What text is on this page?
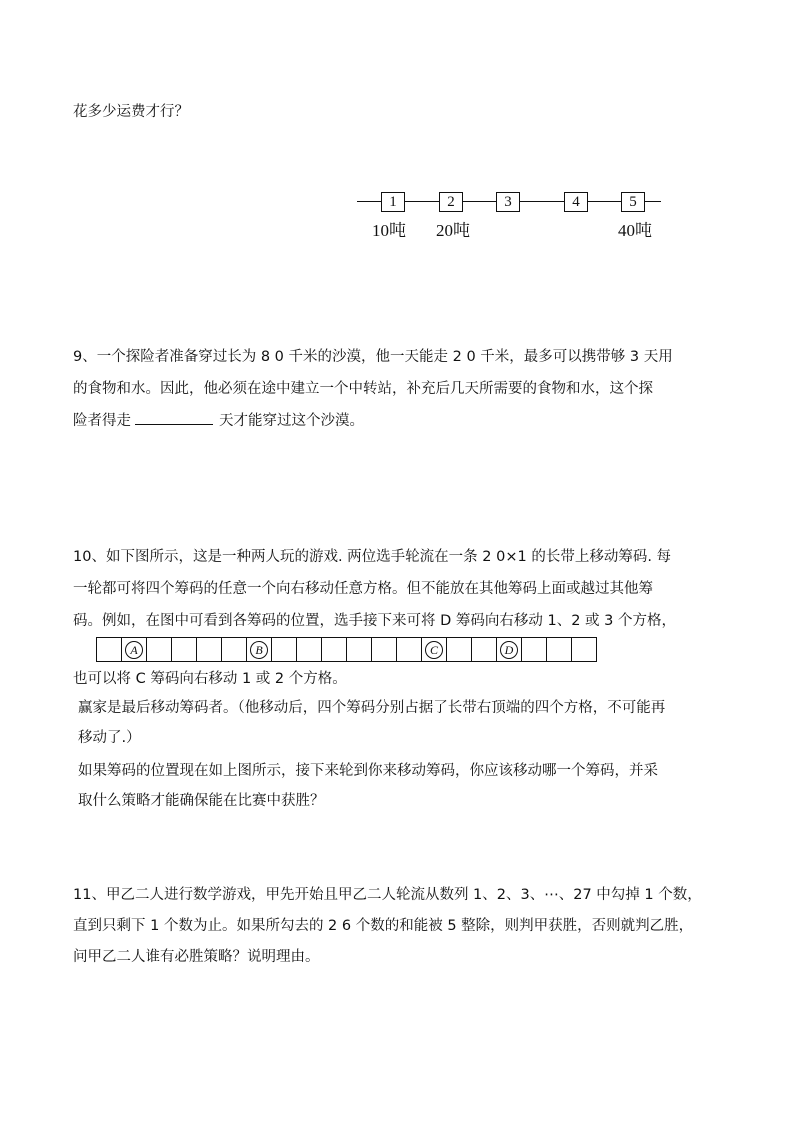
花多少运费才行？
1	2	3	4	5
10吨 20吨	40吨
9、一个探险者准备穿过长为 8 0 千米的沙漠，他一天能走 2 0 千米，最多可以携带够 3 天用
的食物和水。因此，他必须在途中建立一个中转站，补充后几天所需要的食物和水，这个探
险者得走	天才能穿过这个沙漠。
10、如下图所示，这是一种两人玩的游戏. 两位选手轮流在一条 2 0×1 的长带上移动筹码. 每
一轮都可将四个筹码的任意一个向右移动任意方格。但不能放在其他筹码上面或越过其他筹
码。例如，在图中可看到各筹码的位置，选手接下来可将 D 筹码向右移动 1、2 或 3 个方格，
A	B	C	D
也可以将 C 筹码向右移动 1 或 2 个方格。
赢家是最后移动筹码者。（他移动后，四个筹码分别占据了长带右顶端的四个方格，不可能再
移动了.）
如果筹码的位置现在如上图所示，接下来轮到你来移动筹码，你应该移动哪一个筹码，并采
取什么策略才能确保能在比赛中获胜？
11、甲乙二人进行数学游戏，甲先开始且甲乙二人轮流从数列 1、2、3、⋯、27 中勾掉 1 个数，
直到只剩下 1 个数为止。如果所勾去的 2 6 个数的和能被 5 整除，则判甲获胜，否则就判乙胜，
问甲乙二人谁有必胜策略？说明理由。
